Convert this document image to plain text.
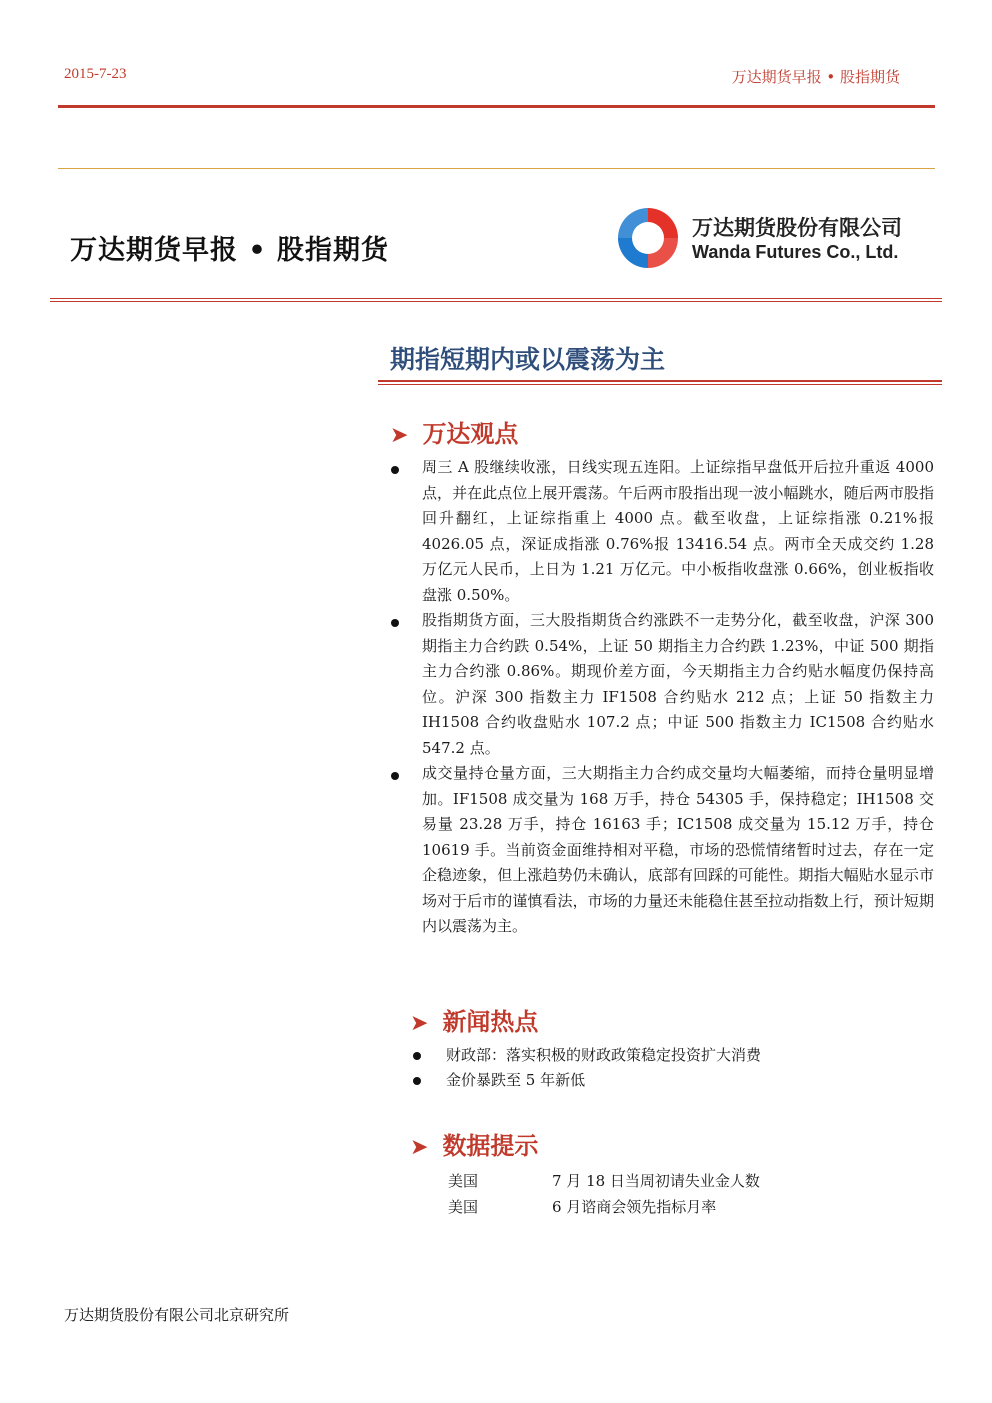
2015-7-23	万达期货早报 • 股指期货
万达期货早报 • 股指期货
万达期货股份有限公司
Wanda Futures Co., Ltd.
期指短期内或以震荡为主
➤ 万达观点
周三 A 股继续收涨，日线实现五连阳。上证综指早盘低开后拉升重返 4000 点，并在此点位上展开震荡。午后两市股指出现一波小幅跳水，随后两市股指回升翻红，上证综指重上 4000 点。截至收盘，上证综指涨 0.21%报 4026.05 点，深证成指涨 0.76%报 13416.54 点。两市全天成交约 1.28 万亿元人民币，上日为 1.21 万亿元。中小板指收盘涨 0.66%，创业板指收盘涨 0.50%。
股指期货方面，三大股指期货合约涨跌不一走势分化，截至收盘，沪深 300 期指主力合约跌 0.54%，上证 50 期指主力合约跌 1.23%，中证 500 期指主力合约涨 0.86%。期现价差方面，今天期指主力合约贴水幅度仍保持高位。沪深 300 指数主力 IF1508 合约贴水 212 点；上证 50 指数主力 IH1508 合约收盘贴水 107.2 点；中证 500 指数主力 IC1508 合约贴水 547.2 点。
成交量持仓量方面，三大期指主力合约成交量均大幅萎缩，而持仓量明显增加。IF1508 成交量为 168 万手，持仓 54305 手，保持稳定；IH1508 交易量 23.28 万手，持仓 16163 手；IC1508 成交量为 15.12 万手，持仓 10619 手。当前资金面维持相对平稳，市场的恐慌情绪暂时过去，存在一定企稳迹象，但上涨趋势仍未确认，底部有回踩的可能性。期指大幅贴水显示市场对于后市的谨慎看法，市场的力量还未能稳住甚至拉动指数上行，预计短期内以震荡为主。
➤ 新闻热点
财政部：落实积极的财政政策稳定投资扩大消费
金价暴跌至 5 年新低
➤ 数据提示
美国	7 月 18 日当周初请失业金人数
美国	6 月谘商会领先指标月率
万达期货股份有限公司北京研究所
